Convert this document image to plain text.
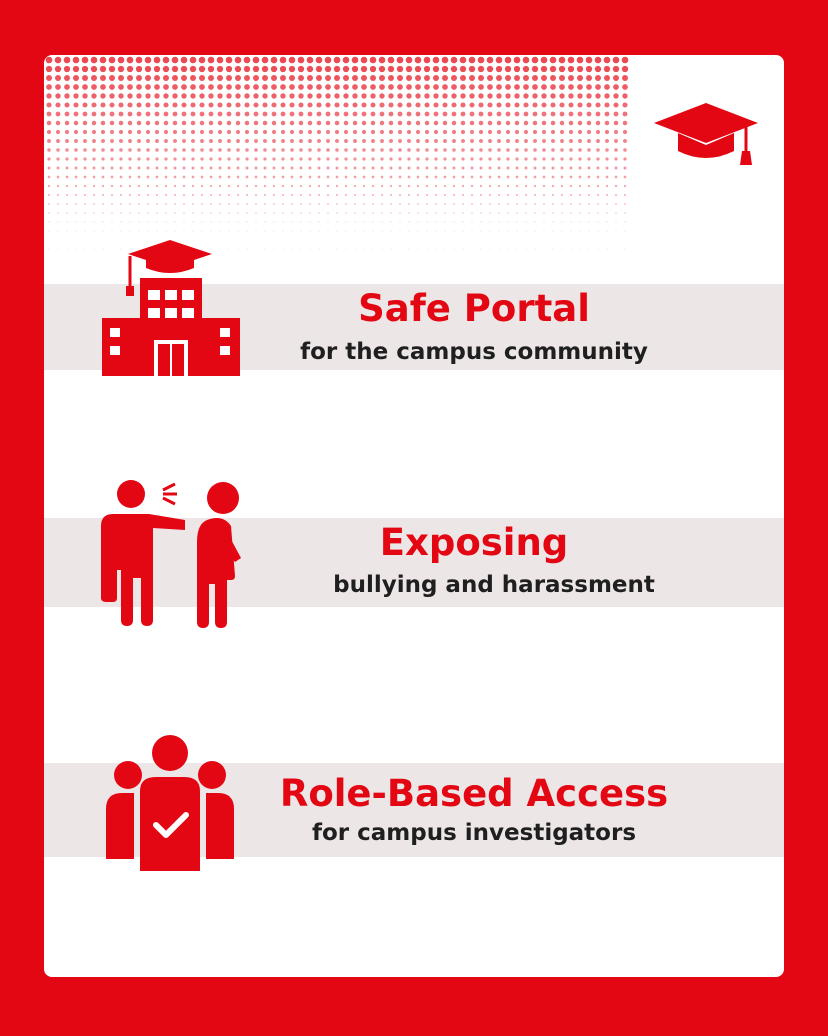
Safe Portal
for the campus community
Exposing
bullying and harassment
Role-Based Access
for campus investigators
